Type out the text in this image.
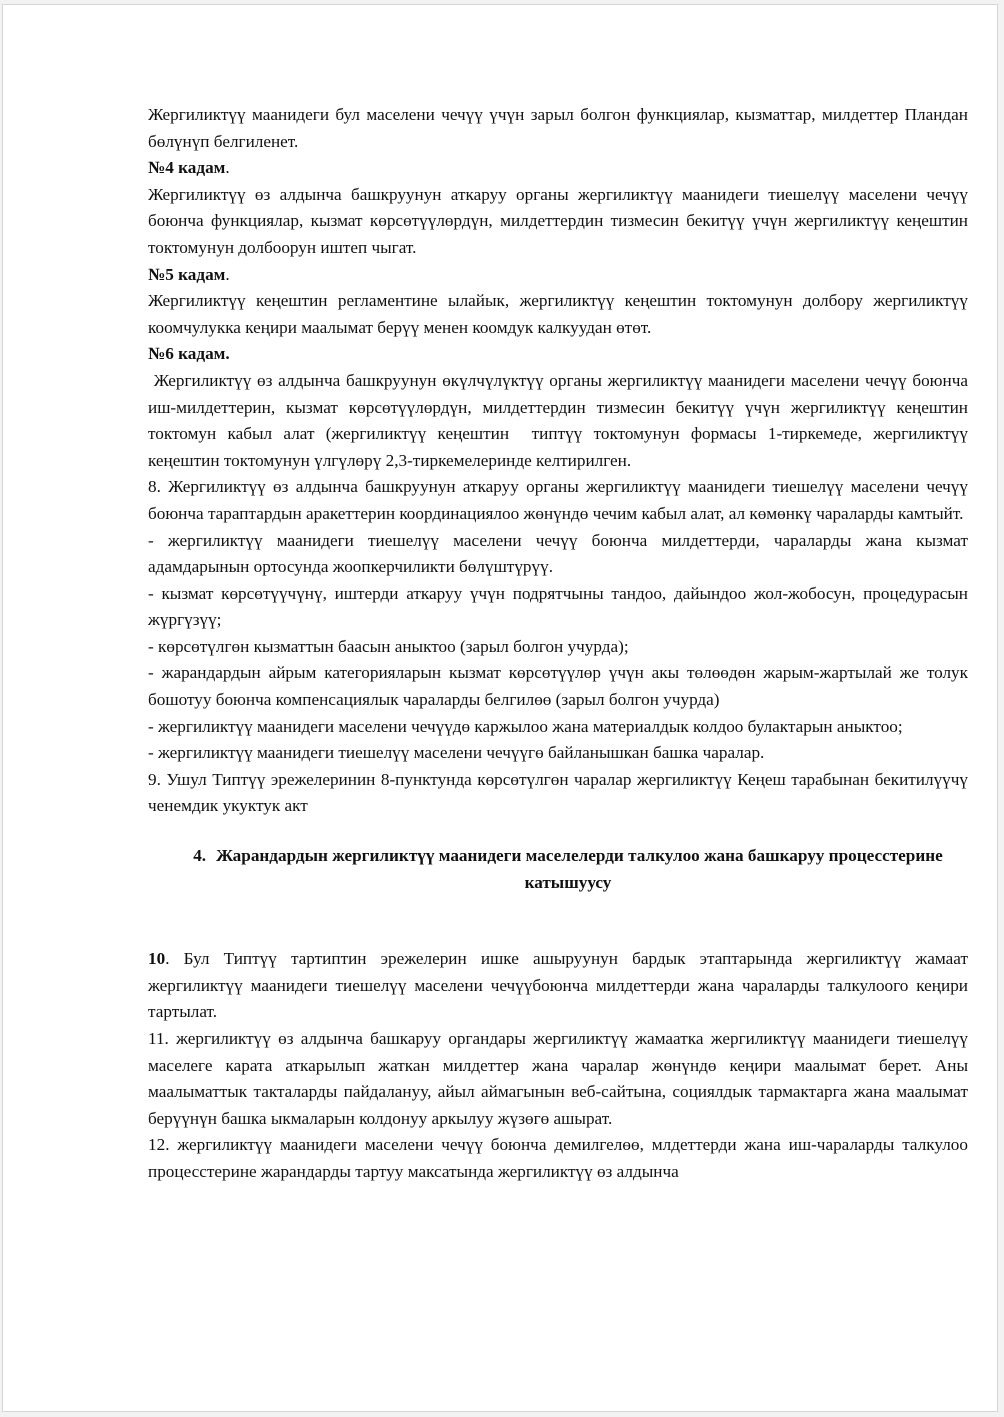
Жергиликтүү маанидеги бул маселени чечүү үчүн зарыл болгон функциялар, кызматтар, милдеттер Пландан бөлүнүп белгиленет.

№4 кадам.

Жергиликтүү өз алдынча башкруунун аткаруу органы жергиликтүү маанидеги тиешелүү маселени чечүү боюнча функциялар, кызмат көрсөтүүлөрдүн, милдеттердин тизмесин бекитүү үчүн жергиликтүү кеңештин токтомунун долбоорун иштеп чыгат.

№5 кадам.

Жергиликтүү кеңештин регламентине ылайык, жергиликтүү кеңештин токтомунун долбору жергиликтүү коомчулукка кеңири маалымат берүү менен коомдук калкуудан өтөт.

№6 кадам.

Жергиликтүү өз алдынча башкруунун өкүлчүлүктүү органы жергиликтүү маанидеги маселени чечүү боюнча иш-милдеттерин, кызмат көрсөтүүлөрдүн, милдеттердин тизмесин бекитүү үчүн жергиликтүү кеңештин токтомун кабыл алат (жергиликтүү кеңештин  типтүү токтомунун формасы 1-тиркемеде, жергиликтүү кеңештин токтомунун үлгүлөрү 2,3-тиркемелеринде келтирилген.

8. Жергиликтүү өз алдынча башкруунун аткаруу органы жергиликтүү маанидеги тиешелүү маселени чечүү боюнча тараптардын аракеттерин координациялоо жөнүндө чечим кабыл алат, ал көмөнкү чараларды камтыйт.

- жергиликтүү маанидеги тиешелүү маселени чечүү боюнча милдеттерди, чараларды жана кызмат адамдарынын ортосунда жоопкерчиликти бөлүштүрүү.

- кызмат көрсөтүүчүнү, иштерди аткаруу үчүн подрятчыны тандоо, дайындоо жол-жобосун, процедурасын жүргүзүү;

- көрсөтүлгөн кызматтын баасын аныктоо (зарыл болгон учурда);

- жарандардын айрым категорияларын кызмат көрсөтүүлөр үчүн акы төлөөдөн жарым-жартылай же толук бошотуу боюнча компенсациялык чараларды белгилөө (зарыл болгон учурда)

- жергиликтүү маанидеги маселени чечүүдө каржылоо жана материалдык колдоо булактарын аныктоо;

- жергиликтүү маанидеги тиешелүү маселени чечүүгө байланышкан башка чаралар.

9. Ушул Типтүү эрежелеринин 8-пунктунда көрсөтүлгөн чаралар жергиликтүү Кеңеш тарабынан бекитилүүчү ченемдик укуктук акт

4. Жарандардын жергиликтүү маанидеги маселелерди талкулоо жана башкаруу процесстерине катышуусу

10. Бул Типтүү тартиптин эрежелерин ишке ашыруунун бардык этаптарында жергиликтүү жамаат жергиликтүү маанидеги тиешелүү маселени чечүүбоюнча милдеттерди жана чараларды талкулоого кеңири тартылат.

11. жергиликтүү өз алдынча башкаруу органдары жергиликтүү жамаатка жергиликтүү маанидеги тиешелүү маселеге карата аткарылып жаткан милдеттер жана чаралар жөнүндө кеңири маалымат берет. Аны маалыматтык такталарды пайдалануу, айыл аймагынын веб-сайтына, социялдык тармактарга жана маалымат берүүнүн башка ыкмаларын колдонуу аркылуу жүзөгө ашырат.

12. жергиликтүү маанидеги маселени чечүү боюнча демилгелөө, млдеттерди жана иш-чараларды талкулоо процесстерине жарандарды тартуу максатында жергиликтүү өз алдынча
